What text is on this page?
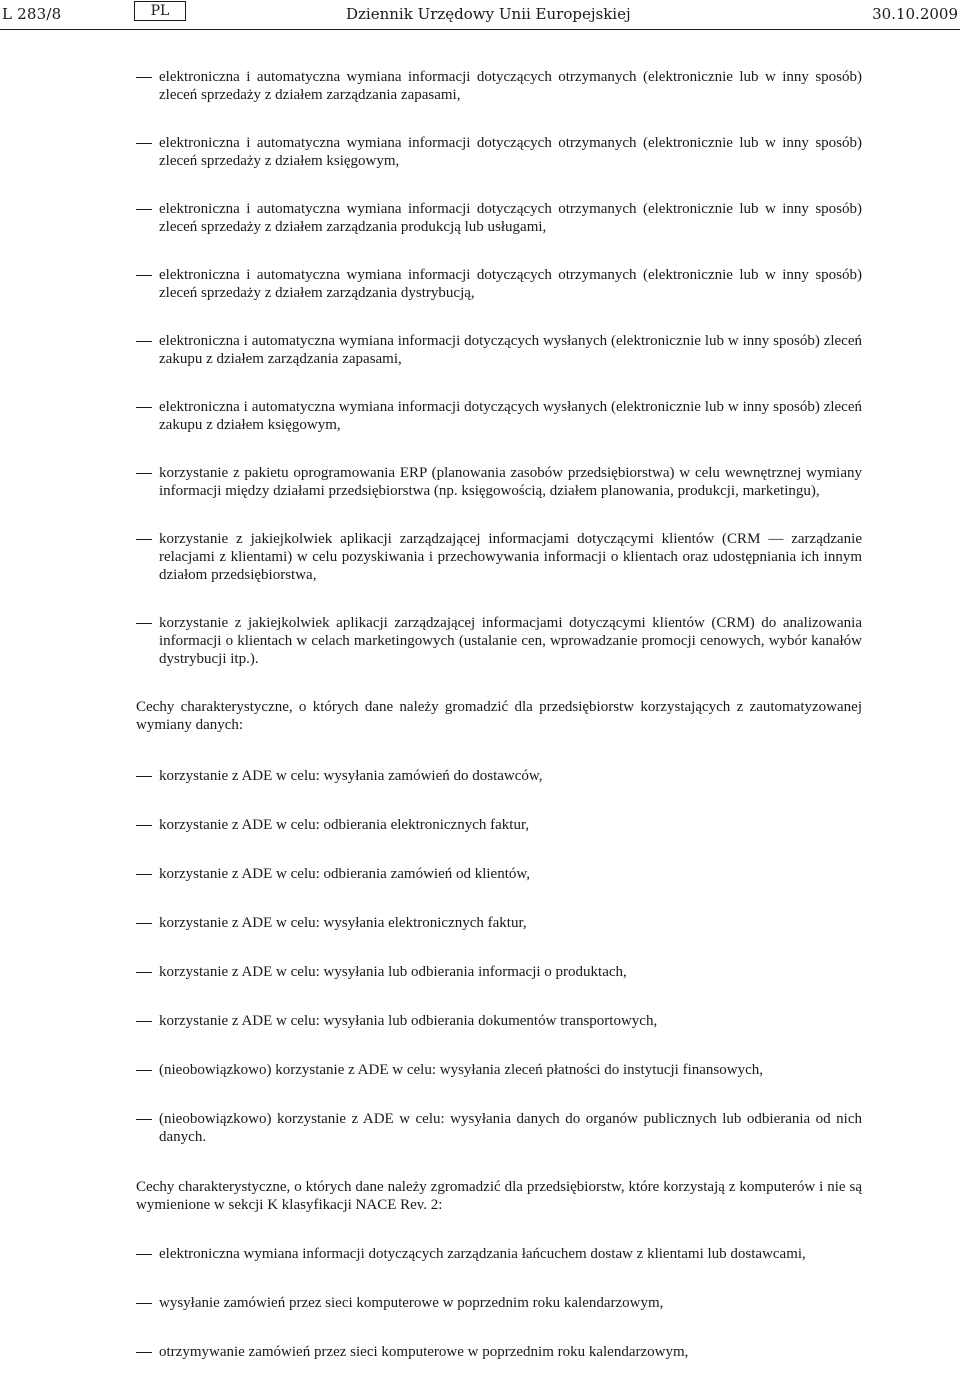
L 283/8	PL	Dziennik Urzędowy Unii Europejskiej	30.10.2009
elektroniczna i automatyczna wymiana informacji dotyczących otrzymanych (elektronicznie lub w inny sposób) zleceń sprzedaży z działem zarządzania zapasami,
elektroniczna i automatyczna wymiana informacji dotyczących otrzymanych (elektronicznie lub w inny sposób) zleceń sprzedaży z działem księgowym,
elektroniczna i automatyczna wymiana informacji dotyczących otrzymanych (elektronicznie lub w inny sposób) zleceń sprzedaży z działem zarządzania produkcją lub usługami,
elektroniczna i automatyczna wymiana informacji dotyczących otrzymanych (elektronicznie lub w inny sposób) zleceń sprzedaży z działem zarządzania dystrybucją,
elektroniczna i automatyczna wymiana informacji dotyczących wysłanych (elektronicznie lub w inny sposób) zleceń zakupu z działem zarządzania zapasami,
elektroniczna i automatyczna wymiana informacji dotyczących wysłanych (elektronicznie lub w inny sposób) zleceń zakupu z działem księgowym,
korzystanie z pakietu oprogramowania ERP (planowania zasobów przedsiębiorstwa) w celu wewnętrznej wymiany informacji między działami przedsiębiorstwa (np. księgowością, działem planowania, produkcji, marketingu),
korzystanie z jakiejkolwiek aplikacji zarządzającej informacjami dotyczącymi klientów (CRM — zarządzanie relacjami z klientami) w celu pozyskiwania i przechowywania informacji o klientach oraz udostępniania ich innym działom przedsiębiorstwa,
korzystanie z jakiejkolwiek aplikacji zarządzającej informacjami dotyczącymi klientów (CRM) do analizowania informacji o klientach w celach marketingowych (ustalanie cen, wprowadzanie promocji cenowych, wybór kanałów dystrybucji itp.).

Cechy charakterystyczne, o których dane należy gromadzić dla przedsiębiorstw korzystających z zautomatyzowanej wymiany danych:

korzystanie z ADE w celu: wysyłania zamówień do dostawców,
korzystanie z ADE w celu: odbierania elektronicznych faktur,
korzystanie z ADE w celu: odbierania zamówień od klientów,
korzystanie z ADE w celu: wysyłania elektronicznych faktur,
korzystanie z ADE w celu: wysyłania lub odbierania informacji o produktach,
korzystanie z ADE w celu: wysyłania lub odbierania dokumentów transportowych,
(nieobowiązkowo) korzystanie z ADE w celu: wysyłania zleceń płatności do instytucji finansowych,
(nieobowiązkowo) korzystanie z ADE w celu: wysyłania danych do organów publicznych lub odbierania od nich danych.

Cechy charakterystyczne, o których dane należy zgromadzić dla przedsiębiorstw, które korzystają z komputerów i nie są wymienione w sekcji K klasyfikacji NACE Rev. 2:

elektroniczna wymiana informacji dotyczących zarządzania łańcuchem dostaw z klientami lub dostawcami,
wysyłanie zamówień przez sieci komputerowe w poprzednim roku kalendarzowym,
otrzymywanie zamówień przez sieci komputerowe w poprzednim roku kalendarzowym,
